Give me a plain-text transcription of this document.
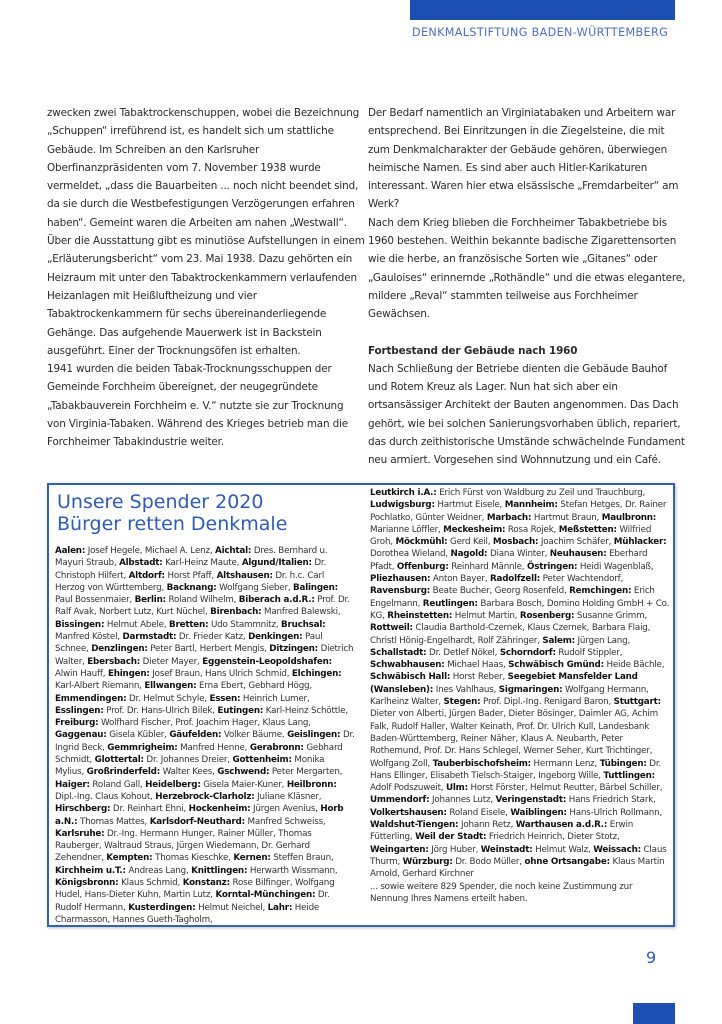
DENKMALSTIFTUNG BADEN-WÜRTTEMBERG

zwecken zwei Tabaktrockenschuppen, wobei die Bezeichnung „Schuppen“ irreführend ist, es handelt sich um stattliche Gebäude. Im Schreiben an den Karlsruher Oberfinanzpräsidenten vom 7. November 1938 wurde vermeldet, „dass die Bauarbeiten ... noch nicht beendet sind, da sie durch die Westbefestigungen Verzögerungen erfahren haben“. Gemeint waren die Arbeiten am nahen „Westwall“.

Über die Ausstattung gibt es minutiöse Aufstellungen in einem „Erläuterungsbericht“ vom 23. Mai 1938. Dazu gehörten ein Heizraum mit unter den Tabaktrockenkammern verlaufenden Heizanlagen mit Heißluftheizung und vier Tabaktrockenkammern für sechs übereinanderliegende Gehänge. Das aufgehende Mauerwerk ist in Backstein ausgeführt. Einer der Trocknungsöfen ist erhalten.

1941 wurden die beiden Tabak-Trocknungsschuppen der Gemeinde Forchheim übereignet, der neugegründete „Tabakbauverein Forchheim e. V.“ nutzte sie zur Trocknung von Virginia-Tabaken. Während des Krieges betrieb man die Forchheimer Tabakindustrie weiter.

Der Bedarf namentlich an Virginiatabaken und Arbeitern war entsprechend. Bei Einritzungen in die Ziegelsteine, die mit zum Denkmalcharakter der Gebäude gehören, überwiegen heimische Namen. Es sind aber auch Hitler-Karikaturen interessant. Waren hier etwa elsässische „Fremdarbeiter“ am Werk?

Nach dem Krieg blieben die Forchheimer Tabakbetriebe bis 1960 bestehen. Weithin bekannte badische Zigarettensorten wie die herbe, an französische Sorten wie „Gitanes“ oder „Gauloises“ erinnernde „Rothändle“ und die etwas elegantere, mildere „Reval“ stammten teilweise aus Forchheimer Gewächsen.

Fortbestand der Gebäude nach 1960

Nach Schließung der Betriebe dienten die Gebäude Bauhof und Rotem Kreuz als Lager. Nun hat sich aber ein ortsansässiger Architekt der Bauten angenommen. Das Dach gehört, wie bei solchen Sanierungsvorhaben üblich, repariert, das durch zeithistorische Umstände schwächelnde Fundament neu armiert. Vorgesehen sind Wohnnutzung und ein Café.

Unsere Spender 2020
Bürger retten Denkmale
Aalen: Josef Hegele, Michael A. Lenz, Aichtal: Dres. Bernhard u. Mayuri Straub, Albstadt: Karl-Heinz Maute, Algund/Italien: Dr. Christoph Hilfert, Altdorf: Horst Pfaff, Altshausen: Dr. h.c. Carl Herzog von Württemberg, Backnang: Wolfgang Sieber, Balingen: Paul Bossenmaier, Berlin: Roland Wilhelm, Biberach a.d.R.: Prof. Dr. Ralf Avak, Norbert Lutz, Kurt Nüchel, Birenbach: Manfred Balewski, Bissingen: Helmut Abele, Bretten: Udo Stammnitz, Bruchsal: Manfred Köstel, Darmstadt: Dr. Frieder Katz, Denkingen: Paul Schnee, Denzlingen: Peter Bartl, Herbert Mengis, Ditzingen: Dietrich Walter, Ebersbach: Dieter Mayer, Eggenstein-Leopoldshafen: Alwin Hauff, Ehingen: Josef Braun, Hans Ulrich Schmid, Elchingen: Karl-Albert Riemann, Ellwangen: Erna Ebert, Gebhard Högg, Emmendingen: Dr. Helmut Schyle, Essen: Heinrich Lumer, Esslingen: Prof. Dr. Hans-Ulrich Bilek, Eutingen: Karl-Heinz Schöttle, Freiburg: Wolfhard Fischer, Prof. Joachim Hager, Klaus Lang, Gaggenau: Gisela Kübler, Gäufelden: Volker Bäume, Geislingen: Dr. Ingrid Beck, Gemmrigheim: Manfred Henne, Gerabronn: Gebhard Schmidt, Glottertal: Dr. Johannes Dreier, Gottenheim: Monika Mylius, Großrinderfeld: Walter Kees, Gschwend: Peter Mergarten, Haiger: Roland Gall, Heidelberg: Gisela Maier-Kuner, Heilbronn: Dipl.-Ing. Claus Kohout, Herzebrock-Clarholz: Juliane Kläsner, Hirschberg: Dr. Reinhart Ehni, Hockenheim: Jürgen Avenius, Horb a.N.: Thomas Mattes, Karlsdorf-Neuthard: Manfred Schweiss, Karlsruhe: Dr.-Ing. Hermann Hunger, Rainer Müller, Thomas Rauberger, Waltraud Straus, Jürgen Wiedemann, Dr. Gerhard Zehendner, Kempten: Thomas Kieschke, Kernen: Steffen Braun, Kirchheim u.T.: Andreas Lang, Knittlingen: Herwarth Wissmann, Königsbronn: Klaus Schmid, Konstanz: Rose Bilfinger, Wolfgang Hudel, Hans-Dieter Kuhn, Martin Lutz, Korntal-Münchingen: Dr. Rudolf Hermann, Kusterdingen: Helmut Neichel, Lahr: Heide Charmasson, Hannes Gueth-Tagholm,
Leutkirch i.A.: Erich Fürst von Waldburg zu Zeil und Trauchburg, Ludwigsburg: Hartmut Eisele, Mannheim: Stefan Hetges, Dr. Rainer Pochlatko, Günter Weidner, Marbach: Hartmut Braun, Maulbronn: Marianne Löffler, Meckesheim: Rosa Rojek, Meßstetten: Wilfried Groh, Möckmühl: Gerd Keil, Mosbach: Joachim Schäfer, Mühlacker: Dorothea Wieland, Nagold: Diana Winter, Neuhausen: Eberhard Pfadt, Offenburg: Reinhard Männle, Östringen: Heidi Wagenblaß, Pliezhausen: Anton Bayer, Radolfzell: Peter Wachtendorf, Ravensburg: Beate Bucher, Georg Rosenfeld, Remchingen: Erich Engelmann, Reutlingen: Barbara Bosch, Domino Holding GmbH + Co. KG, Rheinstetten: Helmut Martin, Rosenberg: Susanne Grimm, Rottweil: Claudia Barthold-Czernek, Klaus Czernek, Barbara Flaig, Christl Hönig-Engelhardt, Rolf Zähringer, Salem: Jürgen Lang, Schallstadt: Dr. Detlef Nökel, Schorndorf: Rudolf Stippler, Schwabhausen: Michael Haas, Schwäbisch Gmünd: Heide Bächle, Schwäbisch Hall: Horst Reber, Seegebiet Mansfelder Land (Wansleben): Ines Vahlhaus, Sigmaringen: Wolfgang Hermann, Karlheinz Walter, Stegen: Prof. Dipl.-Ing. Renigard Baron, Stuttgart: Dieter von Alberti, Jürgen Bader, Dieter Bösinger, Daimler AG, Achim Falk, Rudolf Haller, Walter Keinath, Prof. Dr. Ulrich Kull, Landesbank Baden-Württemberg, Reiner Näher, Klaus A. Neubarth, Peter Rothemund, Prof. Dr. Hans Schlegel, Werner Seher, Kurt Trichtinger, Wolfgang Zoll, Tauberbischofsheim: Hermann Lenz, Tübingen: Dr. Hans Ellinger, Elisabeth Tielsch-Staiger, Ingeborg Wille, Tuttlingen: Adolf Podszuweit, Ulm: Horst Förster, Helmut Reutter, Bärbel Schiller, Ummendorf: Johannes Lutz, Veringenstadt: Hans Friedrich Stark, Volkertshausen: Roland Eisele, Waiblingen: Hans-Ulrich Rollmann, Waldshut-Tiengen: Johann Retz, Warthausen a.d.R.: Erwin Fütterling, Weil der Stadt: Friedrich Heinrich, Dieter Stotz, Weingarten: Jörg Huber, Weinstadt: Helmut Walz, Weissach: Claus Thurm, Würzburg: Dr. Bodo Müller, ohne Ortsangabe: Klaus Martin Arnold, Gerhard Kirchner
... sowie weitere 829 Spender, die noch keine Zustimmung zur Nennung Ihres Namens erteilt haben.
9
